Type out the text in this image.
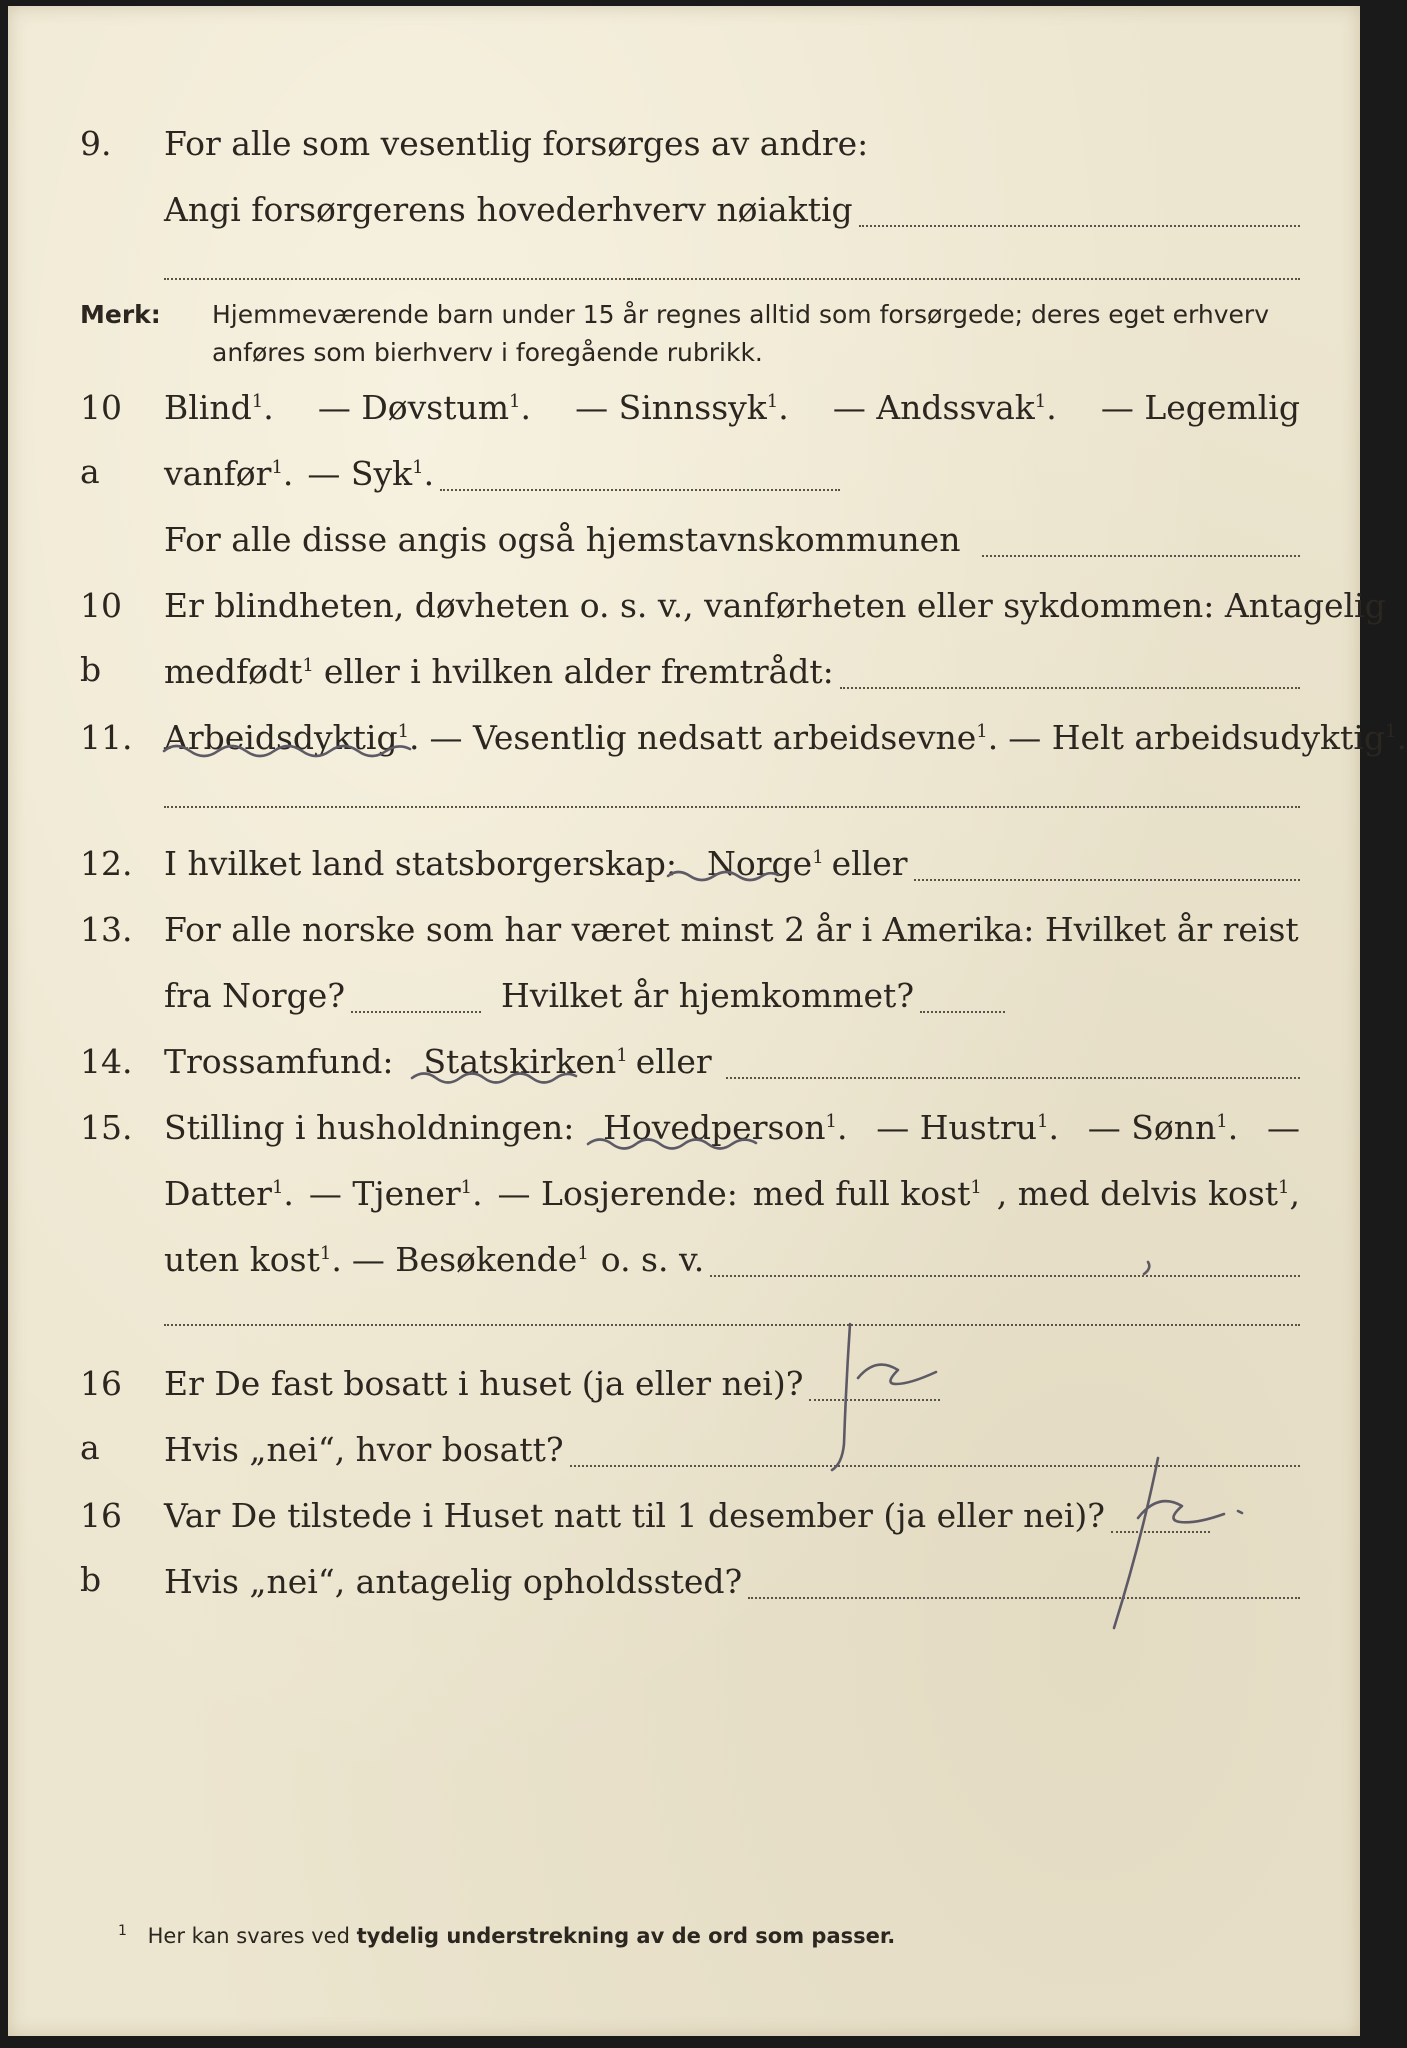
9.	For alle som vesentlig forsørges av andre:
Angi forsørgerens hovederhverv nøiaktig
Merk: Hjemmeværende barn under 15 år regnes alltid som forsørgede; deres eget erhverv anføres som bierhverv i foregående rubrikk.
10 a
Blind$^1$. — Døvstum$^1$. — Sinnssyk$^1$. — Andssvak$^1$. — Legemlig
vanfør$^1$. — Syk$^1$.
For alle disse angis også hjemstavnskommunen
10 b
Er blindheten, døvheten o. s. v., vanførheten eller sykdommen: Antagelig
medfødt$^1$ eller i hvilken alder fremtrådt:
11. Arbeidsdyktig$^1$. — Vesentlig nedsatt arbeidsevne$^1$. — Helt arbeidsudyktig$^1$.
12. I hvilket land statsborgerskap: Norge$^1$ eller
13. For alle norske som har været minst 2 år i Amerika: Hvilket år reist
fra Norge?	Hvilket år hjemkommet?
14. Trossamfund: Statskirken$^1$ eller
15. Stilling i husholdningen: Hovedperson$^1$. — Hustru$^1$. — Sønn$^1$. —
Datter$^1$. — Tjener$^1$. — Losjerende: med full kost$^1$ , med delvis kost$^1$,
uten kost$^1$. — Besøkende$^1$ o. s. v.
16 a
Er De fast bosatt i huset (ja eller nei)?
Hvis „nei“, hvor bosatt?
16 b
Var De tilstede i Huset natt til 1 desember (ja eller nei)?
Hvis „nei“, antagelig opholdssted?
$^1$ Her kan svares ved tydelig understrekning av de ord som passer.
